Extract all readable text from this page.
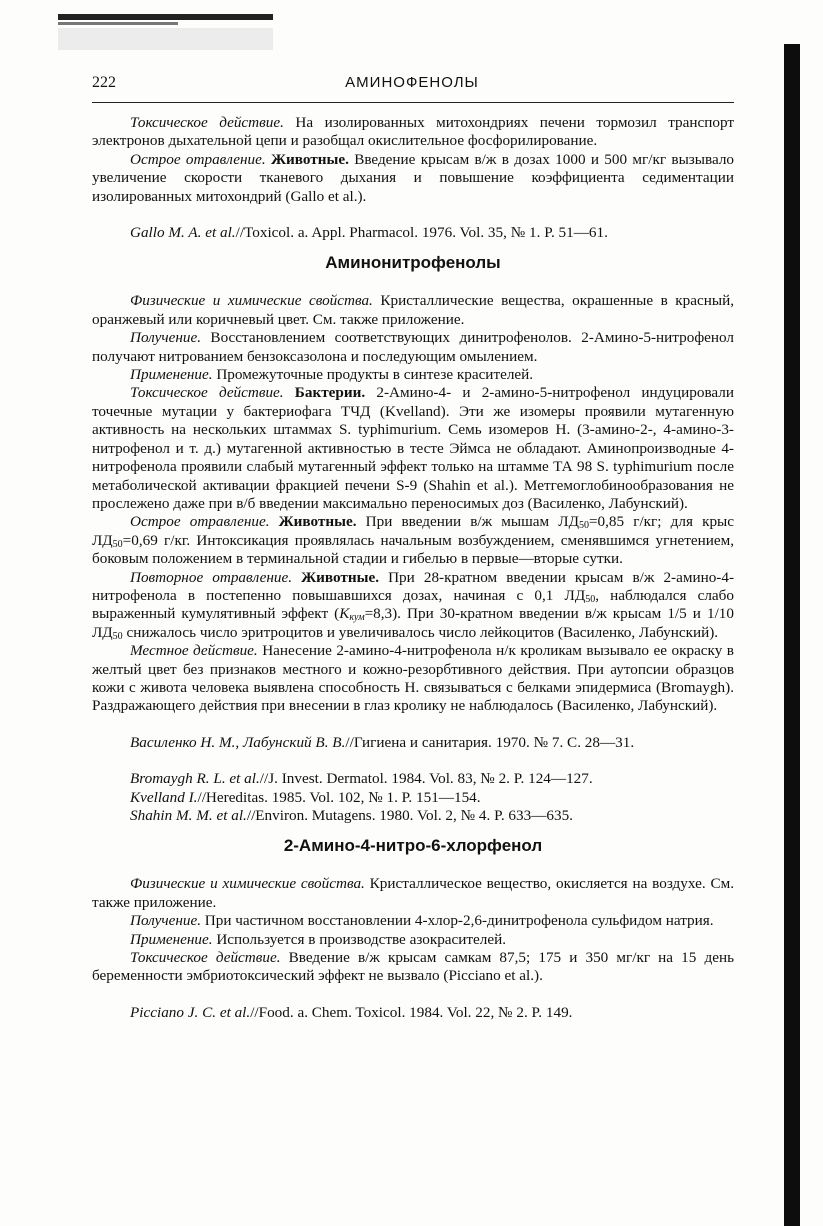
222	АМИНОФЕНОЛЫ

Токсическое действие. На изолированных митохондриях печени тормозил транспорт электронов дыхательной цепи и разобщал окислительное фосфорилирование.

Острое отравление. Животные. Введение крысам в/ж в дозах 1000 и 500 мг/кг вызывало увеличение скорости тканевого дыхания и повышение коэффициента седиментации изолированных митохондрий (Gallo et al.).

Gallo M. A. et al.//Toxicol. a. Appl. Pharmacol. 1976. Vol. 35, № 1. P. 51—61.

Аминонитрофенолы

Физические и химические свойства. Кристаллические вещества, окрашенные в красный, оранжевый или коричневый цвет. См. также приложение.

Получение. Восстановлением соответствующих динитрофенолов. 2-Амино-5-нитрофенол получают нитрованием бензоксазолона и последующим омылением.

Применение. Промежуточные продукты в синтезе красителей.

Токсическое действие. Бактерии. 2-Амино-4- и 2-амино-5-нитрофенол индуцировали точечные мутации у бактериофага ТЧД (Kvelland). Эти же изомеры проявили мутагенную активность на нескольких штаммах S. typhimurium. Семь изомеров Н. (3-амино-2-, 4-амино-3-нитрофенол и т. д.) мутагенной активностью в тесте Эймса не обладают. Аминопроизводные 4-нитрофенола проявили слабый мутагенный эффект только на штамме ТА 98 S. typhimurium после метаболической активации фракцией печени S-9 (Shahin et al.). Метгемоглобинообразования не прослежено даже при в/б введении максимально переносимых доз (Василенко, Лабунский).

Острое отравление. Животные. При введении в/ж мышам $ЛД_{50}=0,85$ г/кг; для крыс $ЛД_{50}=0,69$ г/кг. Интоксикация проявлялась начальным возбуждением, сменявшимся угнетением, боковым положением в терминальной стадии и гибелью в первые—вторые сутки.

Повторное отравление. Животные. При 28-кратном введении крысам в/ж 2-амино-4-нитрофенола в постепенно повышавшихся дозах, начиная с 0,1 $ЛД_{50}$, наблюдался слабо выраженный кумулятивный эффект $(К_{кум}=8,3)$. При 30-кратном введении в/ж крысам 1/5 и 1/10 $ЛД_{50}$ снижалось число эритроцитов и увеличивалось число лейкоцитов (Василенко, Лабунский).

Местное действие. Нанесение 2-амино-4-нитрофенола н/к кроликам вызывало ее окраску в желтый цвет без признаков местного и кожно-резорбтивного действия. При аутопсии образцов кожи с живота человека выявлена способность Н. связываться с белками эпидермиса (Bromaygh). Раздражающего действия при внесении в глаз кролику не наблюдалось (Василенко, Лабунский).

Василенко Н. М., Лабунский В. В.//Гигиена и санитария. 1970. № 7. С. 28—31.

Bromaygh R. L. et al.//J. Invest. Dermatol. 1984. Vol. 83, № 2. P. 124—127.

Kvelland I.//Hereditas. 1985. Vol. 102, № 1. P. 151—154.

Shahin M. M. et al.//Environ. Mutagens. 1980. Vol. 2, № 4. P. 633—635.

2-Амино-4-нитро-6-хлорфенол

Физические и химические свойства. Кристаллическое вещество, окисляется на воздухе. См. также приложение.

Получение. При частичном восстановлении 4-хлор-2,6-динитрофенола сульфидом натрия.

Применение. Используется в производстве азокрасителей.

Токсическое действие. Введение в/ж крысам самкам 87,5; 175 и 350 мг/кг на 15 день беременности эмбриотоксический эффект не вызвало (Picciano et al.).

Picciano J. C. et al.//Food. a. Chem. Toxicol. 1984. Vol. 22, № 2. P. 149.
